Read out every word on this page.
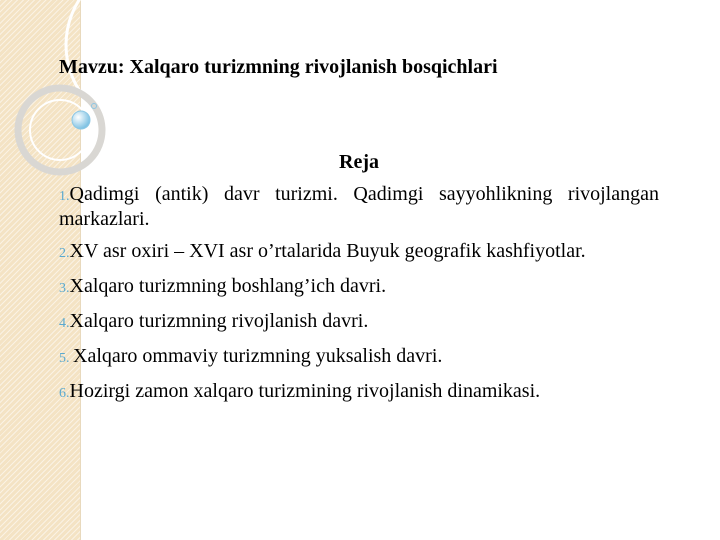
Mavzu: Xalqaro turizmning rivojlanish bosqichlari
Reja
1.Qadimgi (antik) davr turizmi. Qadimgi sayyohlikning rivojlangan markazlari.
2.XV asr oxiri – XVI asr o’rtalarida Buyuk geografik kashfiyotlar.
3.Xalqaro turizmning boshlang’ich davri.
4.Xalqaro turizmning rivojlanish davri.
5. Xalqaro ommaviy turizmning yuksalish davri.
6.Hozirgi zamon xalqaro turizmining rivojlanish dinamikasi.
